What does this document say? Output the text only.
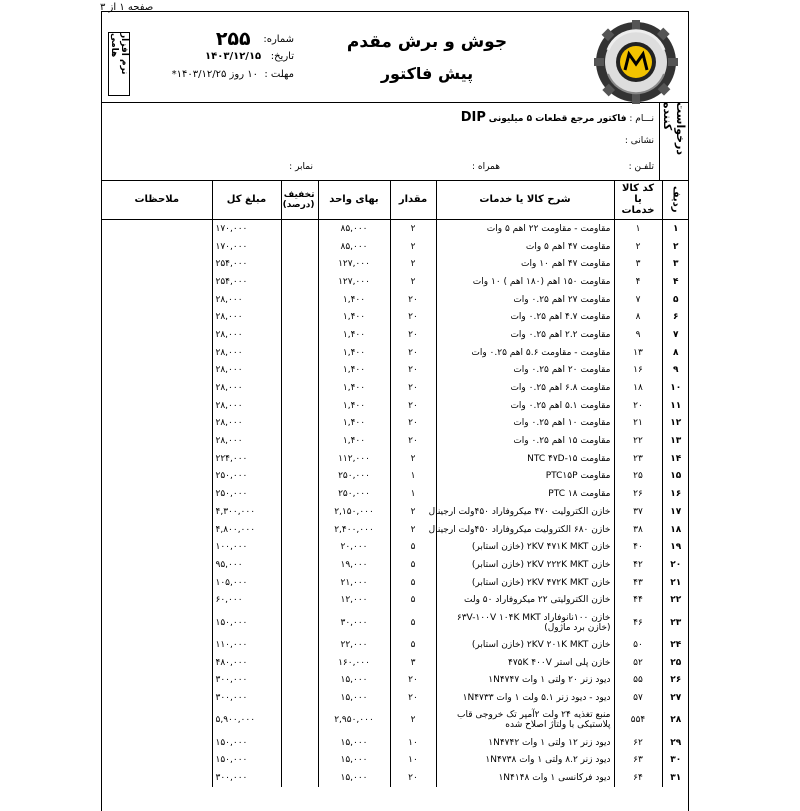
صفحه ۱ از ۳
نرم افزار هامی	شماره:    ۲۵۵
تاریخ:   ۱۴۰۳/۱۲/۱۵
مهلت :  ۱۰ روز ۱۴۰۳/۱۲/۲۵*
جوش و برش مقدم
پیش فاکتور
درخواست کننده
نـــام : فاکتور مرجع قطعات ۵ میلیونی DIP
نشانی :
تلفـن :
همراه :
نمابر :
ردیف	کد کالا یا خدمات	شرح کالا یا خدمات	مقدار	بهای واحد	تخفیف (درصد)	مبلغ کل	ملاحظات
۱	۱	مقاومت - مقاومت ۲۲ اهم ۵ وات	۲	۸۵,۰۰۰		۱۷۰,۰۰۰	
۲	۲	مقاومت ۴۷ اهم ۵ وات	۲	۸۵,۰۰۰		۱۷۰,۰۰۰	
۳	۳	مقاومت ۴۷ اهم ۱۰ وات	۲	۱۲۷,۰۰۰		۲۵۴,۰۰۰	
۴	۴	مقاومت ۱۵۰ اهم (۱۸۰ اهم ) ۱۰ وات	۲	۱۲۷,۰۰۰		۲۵۴,۰۰۰	
۵	۷	مقاومت ۲۷ اهم ۰.۲۵ وات	۲۰	۱,۴۰۰		۲۸,۰۰۰	
۶	۸	مقاومت ۴.۷ اهم ۰.۲۵ وات	۲۰	۱,۴۰۰		۲۸,۰۰۰	
۷	۹	مقاومت ۲.۲ اهم ۰.۲۵ وات	۲۰	۱,۴۰۰		۲۸,۰۰۰	
۸	۱۳	مقاومت - مقاومت ۵.۶ اهم ۰.۲۵ وات	۲۰	۱,۴۰۰		۲۸,۰۰۰	
۹	۱۶	مقاومت ۲۰ اهم ۰.۲۵ وات	۲۰	۱,۴۰۰		۲۸,۰۰۰	
۱۰	۱۸	مقاومت ۶.۸ اهم ۰.۲۵ وات	۲۰	۱,۴۰۰		۲۸,۰۰۰	
۱۱	۲۰	مقاومت ۵.۱ اهم ۰.۲۵ وات	۲۰	۱,۴۰۰		۲۸,۰۰۰	
۱۲	۲۱	مقاومت ۱۰ اهم ۰.۲۵ وات	۲۰	۱,۴۰۰		۲۸,۰۰۰	
۱۳	۲۲	مقاومت ۱۵ اهم ۰.۲۵ وات	۲۰	۱,۴۰۰		۲۸,۰۰۰	
۱۴	۲۳	مقاومت NTC ۴۷D-۱۵	۲	۱۱۲,۰۰۰		۲۲۴,۰۰۰	
۱۵	۲۵	مقاومت PTC۱۵P	۱	۲۵۰,۰۰۰		۲۵۰,۰۰۰	
۱۶	۲۶	مقاومت PTC ۱۸	۱	۲۵۰,۰۰۰		۲۵۰,۰۰۰	
۱۷	۳۷	خازن الکترولیت ۴۷۰ میکروفاراد ۴۵۰ولت ارجینال	۲	۲,۱۵۰,۰۰۰		۴,۳۰۰,۰۰۰	
۱۸	۳۸	خازن ۶۸۰ الکترولیت میکروفاراد ۴۵۰ولت ارجینال	۲	۲,۴۰۰,۰۰۰		۴,۸۰۰,۰۰۰	
۱۹	۴۰	خازن ۲KV ۴۷۱K MKT (خازن استابر)	۵	۲۰,۰۰۰		۱۰۰,۰۰۰	
۲۰	۴۲	خازن ۲KV ۲۲۲K MKT (خازن استابر)	۵	۱۹,۰۰۰		۹۵,۰۰۰	
۲۱	۴۳	خازن ۲KV ۴۷۲K MKT (خازن استابر)	۵	۲۱,۰۰۰		۱۰۵,۰۰۰	
۲۲	۴۴	خازن الکترولیتی ۲۲ میکروفاراد ۵۰ ولت	۵	۱۲,۰۰۰		۶۰,۰۰۰	
۲۳	۴۶	خازن ۱۰۰نانوفاراد ۶۳V-۱۰۰V ۱۰۴K MKT (خازن برد ماژول)	۵	۳۰,۰۰۰		۱۵۰,۰۰۰	
۲۴	۵۰	خازن ۲KV ۲۰۱K MKT (خازن استابر)	۵	۲۲,۰۰۰		۱۱۰,۰۰۰	
۲۵	۵۲	خازن پلی استر ۴۷۵K ۴۰۰V	۳	۱۶۰,۰۰۰		۴۸۰,۰۰۰	
۲۶	۵۵	دیود زنر ۲۰ ولتی ۱ وات ۱N۴۷۴۷	۲۰	۱۵,۰۰۰		۳۰۰,۰۰۰	
۲۷	۵۷	دیود - دیود زنر ۵.۱ ولت ۱ وات ۱N۴۷۳۳	۲۰	۱۵,۰۰۰		۳۰۰,۰۰۰	
۲۸	۵۵۴	منبع تغذیه ۲۴ ولت ۲آمپر تک خروجی قاب پلاستیکی با ولتاژ اصلاح شده	۲	۲,۹۵۰,۰۰۰		۵,۹۰۰,۰۰۰	
۲۹	۶۲	دیود زنر ۱۲ ولتی ۱ وات ۱N۴۷۴۲	۱۰	۱۵,۰۰۰		۱۵۰,۰۰۰	
۳۰	۶۳	دیود زنر ۸.۲ ولتی ۱ وات ۱N۴۷۳۸	۱۰	۱۵,۰۰۰		۱۵۰,۰۰۰	
۳۱	۶۴	دیود فرکانسی ۱ وات ۱N۴۱۴۸	۲۰	۱۵,۰۰۰		۳۰۰,۰۰۰	
